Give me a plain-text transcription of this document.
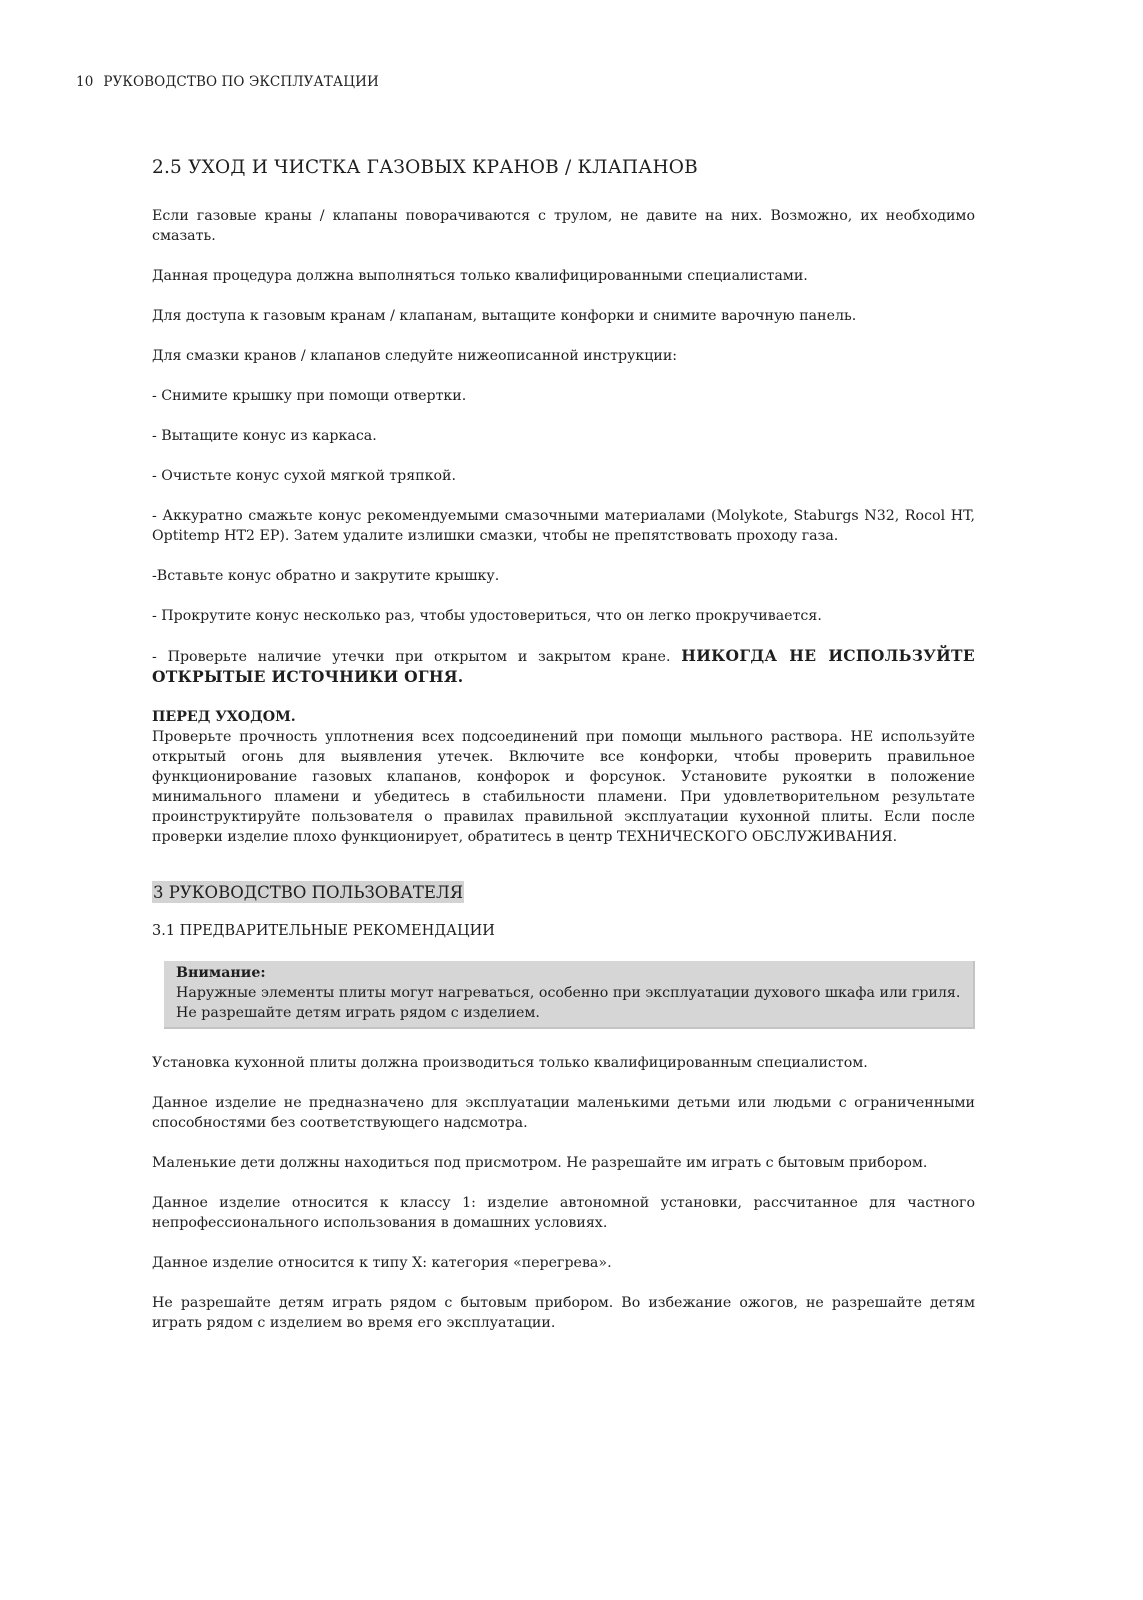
10 РУКОВОДСТВО ПО ЭКСПЛУАТАЦИИ
2.5 УХОД И ЧИСТКА ГАЗОВЫХ КРАНОВ / КЛАПАНОВ

Если газовые краны / клапаны поворачиваются с трулом, не давите на них. Возможно, их необходимо смазать.

Данная процедура должна выполняться только квалифицированными специалистами.

Для доступа к газовым кранам / клапанам, вытащите конфорки и снимите варочную панель.

Для смазки кранов / клапанов следуйте нижеописанной инструкции:

- Снимите крышку при помощи отвертки.

- Вытащите конус из каркаса.

- Очистьте конус сухой мягкой тряпкой.

- Аккуратно смажьте конус рекомендуемыми смазочными материалами (Molykote, Staburgs N32, Rocol HT, Optitemp HT2 EP). Затем удалите излишки смазки, чтобы не препятствовать проходу газа.

-Вставьте конус обратно и закрутите крышку.

- Прокрутите конус несколько раз, чтобы удостовериться, что он легко прокручивается.

- Проверьте наличие утечки при открытом и закрытом кране. НИКОГДА НЕ ИСПОЛЬЗУЙТЕ

ОТКРЫТЫЕ ИСТОЧНИКИ ОГНЯ.
ПЕРЕД УХОДОМ.

Проверьте прочность уплотнения всех подсоединений при помощи мыльного раствора. НЕ используйте открытый огонь для выявления утечек. Включите все конфорки, чтобы проверить правильное функционирование газовых клапанов, конфорок и форсунок. Установите рукоятки в положение минимального пламени и убедитесь в стабильности пламени. При удовлетворительном результате проинструктируйте пользователя о правилах правильной эксплуатации кухонной плиты. Если после проверки изделие плохо функционирует, обратитесь в центр ТЕХНИЧЕСКОГО ОБСЛУЖИВАНИЯ.

3 РУКОВОДСТВО ПОЛЬЗОВАТЕЛЯ
3.1 ПРЕДВАРИТЕЛЬНЫЕ РЕКОМЕНДАЦИИ
Внимание:

Наружные элементы плиты могут нагреваться, особенно при эксплуатации духового шкафа или гриля.

Не разрешайте детям играть рядом с изделием.

Установка кухонной плиты должна производиться только квалифицированным специалистом.

Данное изделие не предназначено для эксплуатации маленькими детьми или людьми с ограниченными способностями без соответствующего надсмотра.

Маленькие дети должны находиться под присмотром. Не разрешайте им играть с бытовым прибором.

Данное изделие относится к классу 1: изделие автономной установки, рассчитанное для частного непрофессионального использования в домашних условиях.

Данное изделие относится к типу Х: категория «перегрева».

Не разрешайте детям играть рядом с бытовым прибором. Во избежание ожогов, не разрешайте детям играть рядом с изделием во время его эксплуатации.
